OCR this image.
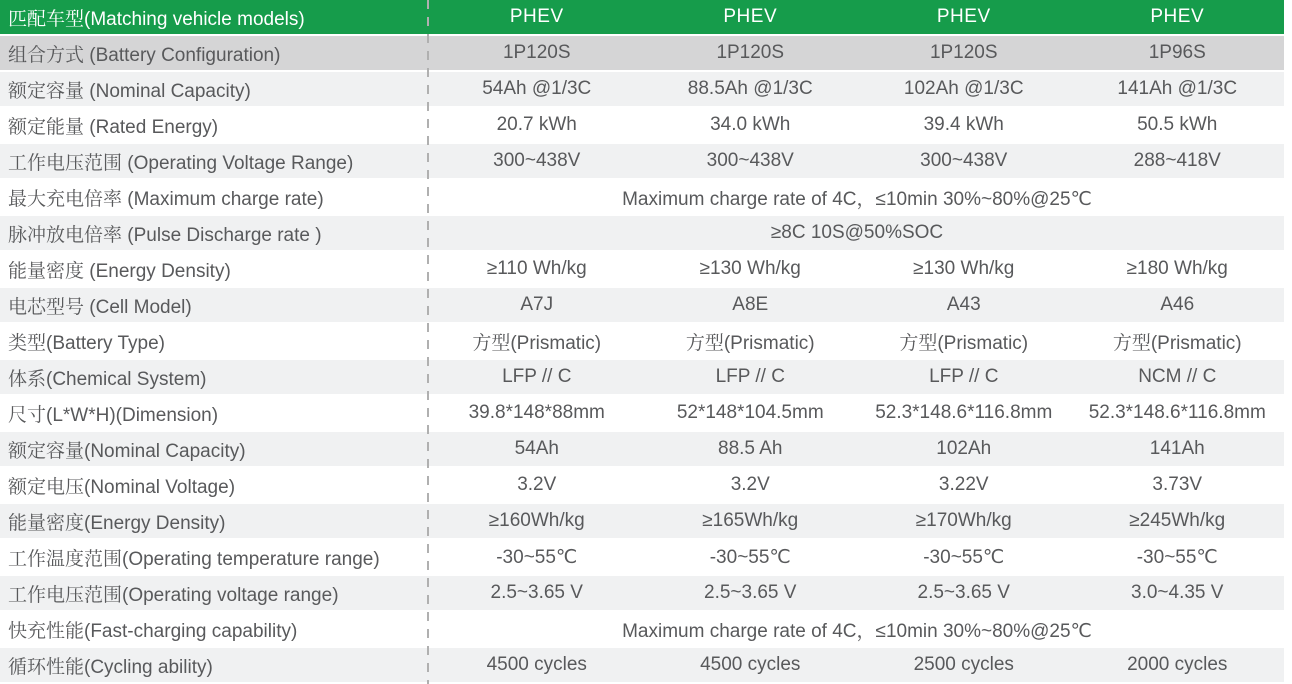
匹配车型(Matching vehicle models)	PHEV	PHEV	PHEV	PHEV
组合方式 (Battery Configuration)	1P120S	1P120S	1P120S	1P96S
额定容量 (Nominal Capacity)	54Ah @1/3C	88.5Ah @1/3C	102Ah @1/3C	141Ah @1/3C
额定能量 (Rated Energy)	20.7 kWh	34.0 kWh	39.4 kWh	50.5 kWh
工作电压范围 (Operating Voltage Range)	300~438V	300~438V	300~438V	288~418V
最大充电倍率 (Maximum charge rate)	Maximum charge rate of 4C，≤10min 30%~80%@25℃
脉冲放电倍率 (Pulse Discharge rate )	≥8C 10S@50%SOC
能量密度 (Energy Density)	≥110 Wh/kg	≥130 Wh/kg	≥130 Wh/kg	≥180 Wh/kg
电芯型号 (Cell Model)	A7J	A8E	A43	A46
类型(Battery Type)	方型(Prismatic)	方型(Prismatic)	方型(Prismatic)	方型(Prismatic)
体系(Chemical System)	LFP // C	LFP // C	LFP // C	NCM // C
尺寸(L*W*H)(Dimension)	39.8*148*88mm	52*148*104.5mm	52.3*148.6*116.8mm	52.3*148.6*116.8mm
额定容量(Nominal Capacity)	54Ah	88.5 Ah	102Ah	141Ah
额定电压(Nominal Voltage)	3.2V	3.2V	3.22V	3.73V
能量密度(Energy Density)	≥160Wh/kg	≥165Wh/kg	≥170Wh/kg	≥245Wh/kg
工作温度范围(Operating temperature range)	-30~55℃	-30~55℃	-30~55℃	-30~55℃
工作电压范围(Operating voltage range)	2.5~3.65 V	2.5~3.65 V	2.5~3.65 V	3.0~4.35 V
快充性能(Fast-charging capability)	Maximum charge rate of 4C，≤10min 30%~80%@25℃
循环性能(Cycling ability)	4500 cycles	4500 cycles	2500 cycles	2000 cycles
